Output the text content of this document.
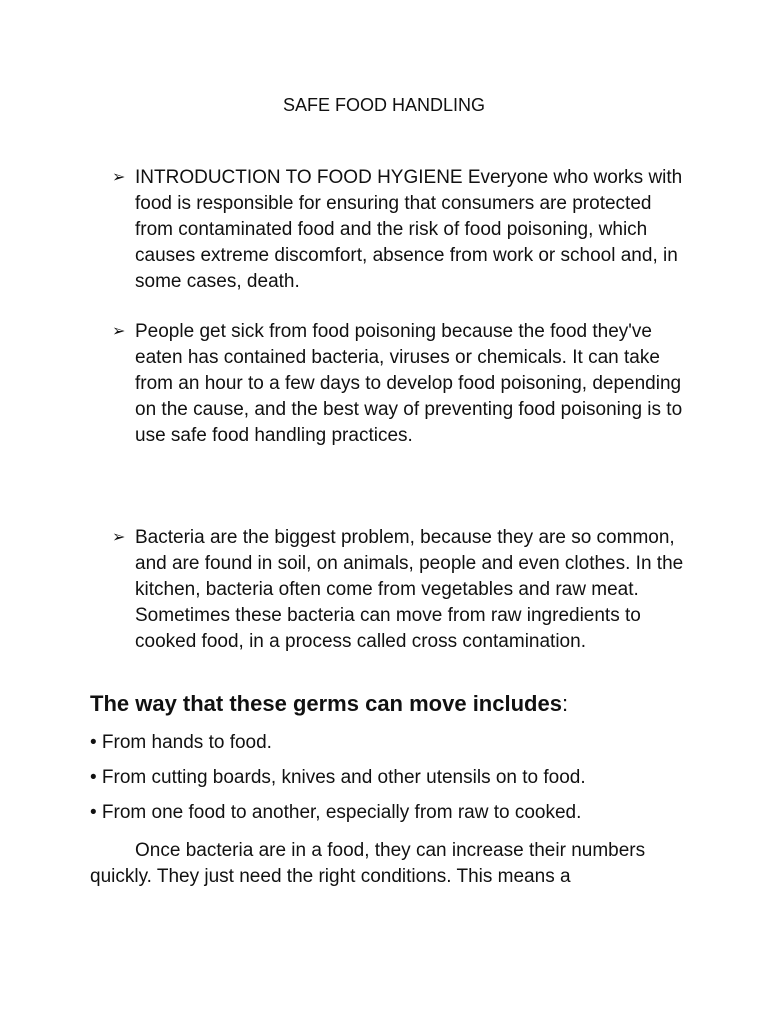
SAFE FOOD HANDLING
➢ INTRODUCTION TO FOOD HYGIENE Everyone who works with food is responsible for ensuring that consumers are protected from contaminated food and the risk of food poisoning, which causes extreme discomfort, absence from work or school and, in some cases, death.
➢ People get sick from food poisoning because the food they've eaten has contained bacteria, viruses or chemicals. It can take from an hour to a few days to develop food poisoning, depending on the cause, and the best way of preventing food poisoning is to use safe food handling practices.
➢ Bacteria are the biggest problem, because they are so common, and are found in soil, on animals, people and even clothes. In the kitchen, bacteria often come from vegetables and raw meat. Sometimes these bacteria can move from raw ingredients to cooked food, in a process called cross contamination.
The way that these germs can move includes:
• From hands to food.
• From cutting boards, knives and other utensils on to food.
• From one food to another, especially from raw to cooked.
Once bacteria are in a food, they can increase their numbers quickly. They just need the right conditions. This means a
